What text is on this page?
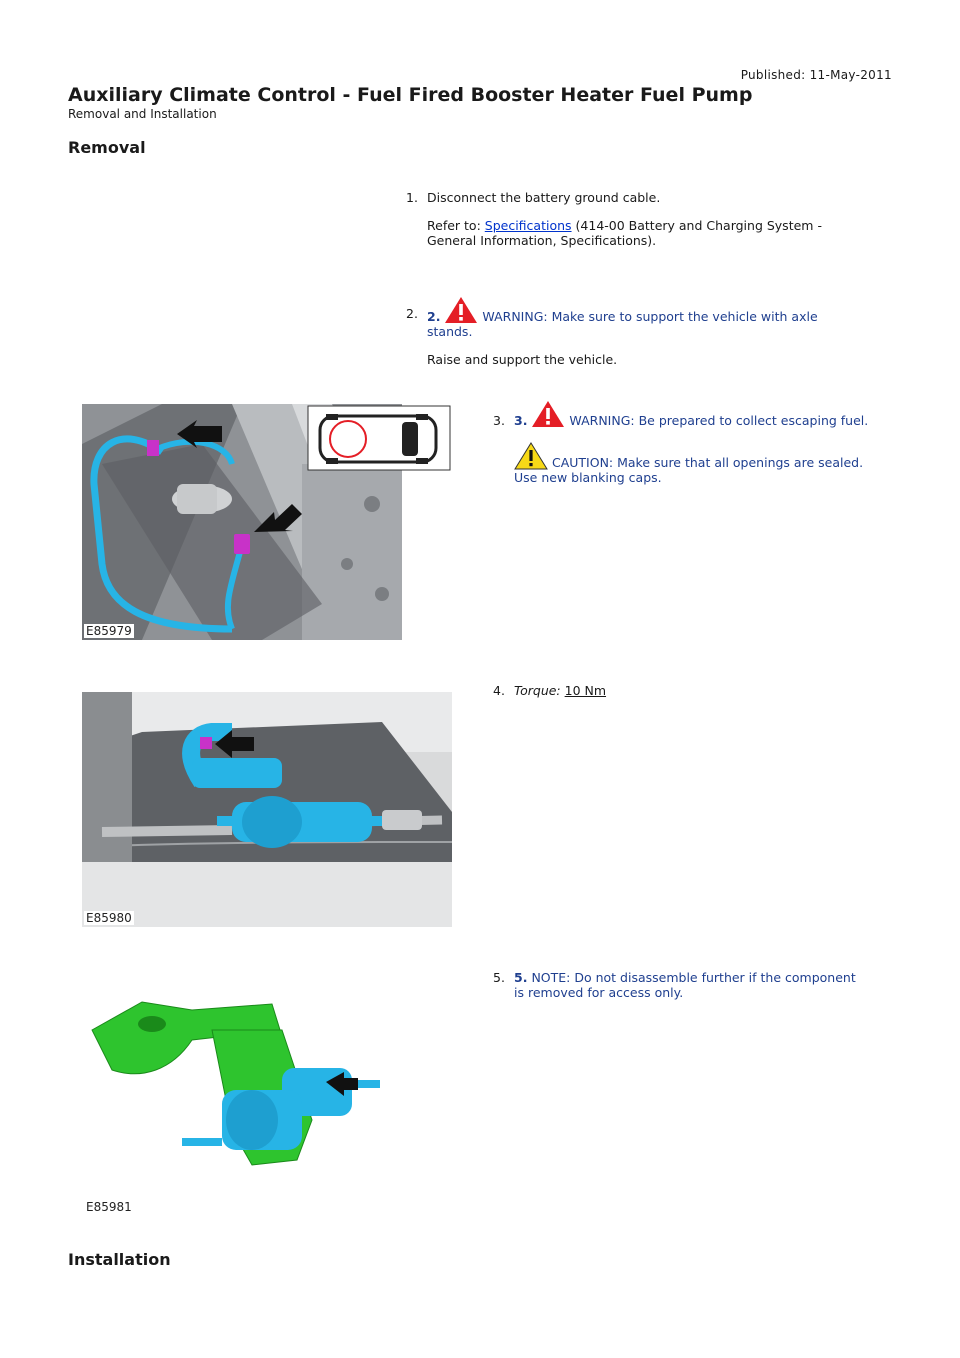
Published: 11-May-2011
Auxiliary Climate Control - Fuel Fired Booster Heater Fuel Pump
Removal and Installation
Removal
1. Disconnect the battery ground cable.
Refer to: Specifications (414-00 Battery and Charging System -
General Information, Specifications).
2. 2.	WARNING: Make sure to support the vehicle with axle
stands.
Raise and support the vehicle.
E85979
3. 3.	WARNING: Be prepared to collect escaping fuel.
CAUTION: Make sure that all openings are sealed.
Use new blanking caps.
E85980
4. Torque: 10 Nm
E85981
5. 5. NOTE: Do not disassemble further if the component
is removed for access only.
Installation
